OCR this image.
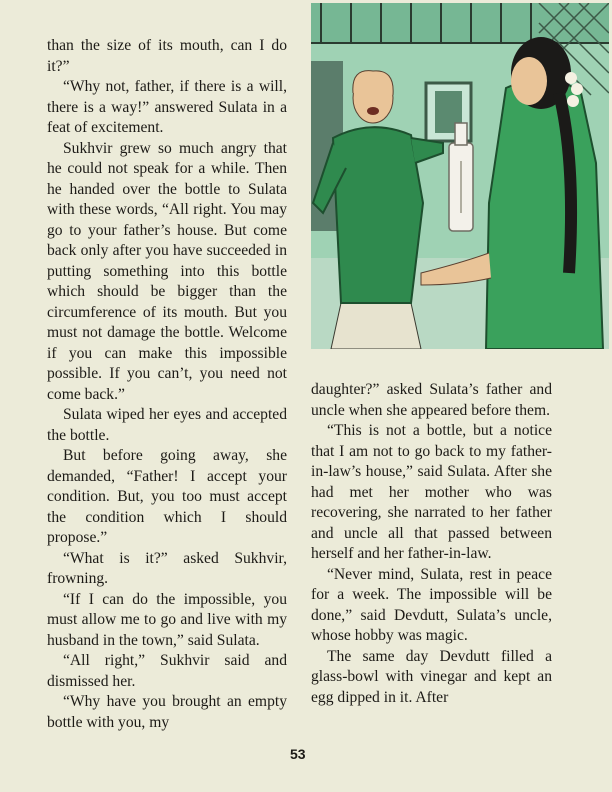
than the size of its mouth, can I do it?”

“Why not, father, if there is a will, there is a way!” answered Sulata in a feat of excitement.

Sukhvir grew so much angry that he could not speak for a while. Then he handed over the bottle to Sulata with these words, “All right. You may go to your father’s house. But come back only after you have succeeded in putting something into this bottle which should be bigger than the circumference of its mouth. But you must not damage the bottle. Welcome if you can make this impossible possible. If you can’t, you need not come back.”

Sulata wiped her eyes and accepted the bottle.

But before going away, she demanded, “Father! I accept your condition. But, you too must accept the condition which I should propose.”

“What is it?” asked Sukhvir, frowning.

“If I can do the impossible, you must allow me to go and live with my husband in the town,” said Sulata.

“All right,” Sukhvir said and dismissed her.

“Why have you brought an empty bottle with you, my

daughter?” asked Sulata’s father and uncle when she appeared before them.

“This is not a bottle, but a notice that I am not to go back to my father-in-law’s house,” said Sulata. After she had met her mother who was recovering, she narrated to her father and uncle all that passed between herself and her father-in-law.

“Never mind, Sulata, rest in peace for a week. The impossible will be done,” said Devdutt, Sulata’s uncle, whose hobby was magic.

The same day Devdutt filled a glass-bowl with vinegar and kept an egg dipped in it. After

53
